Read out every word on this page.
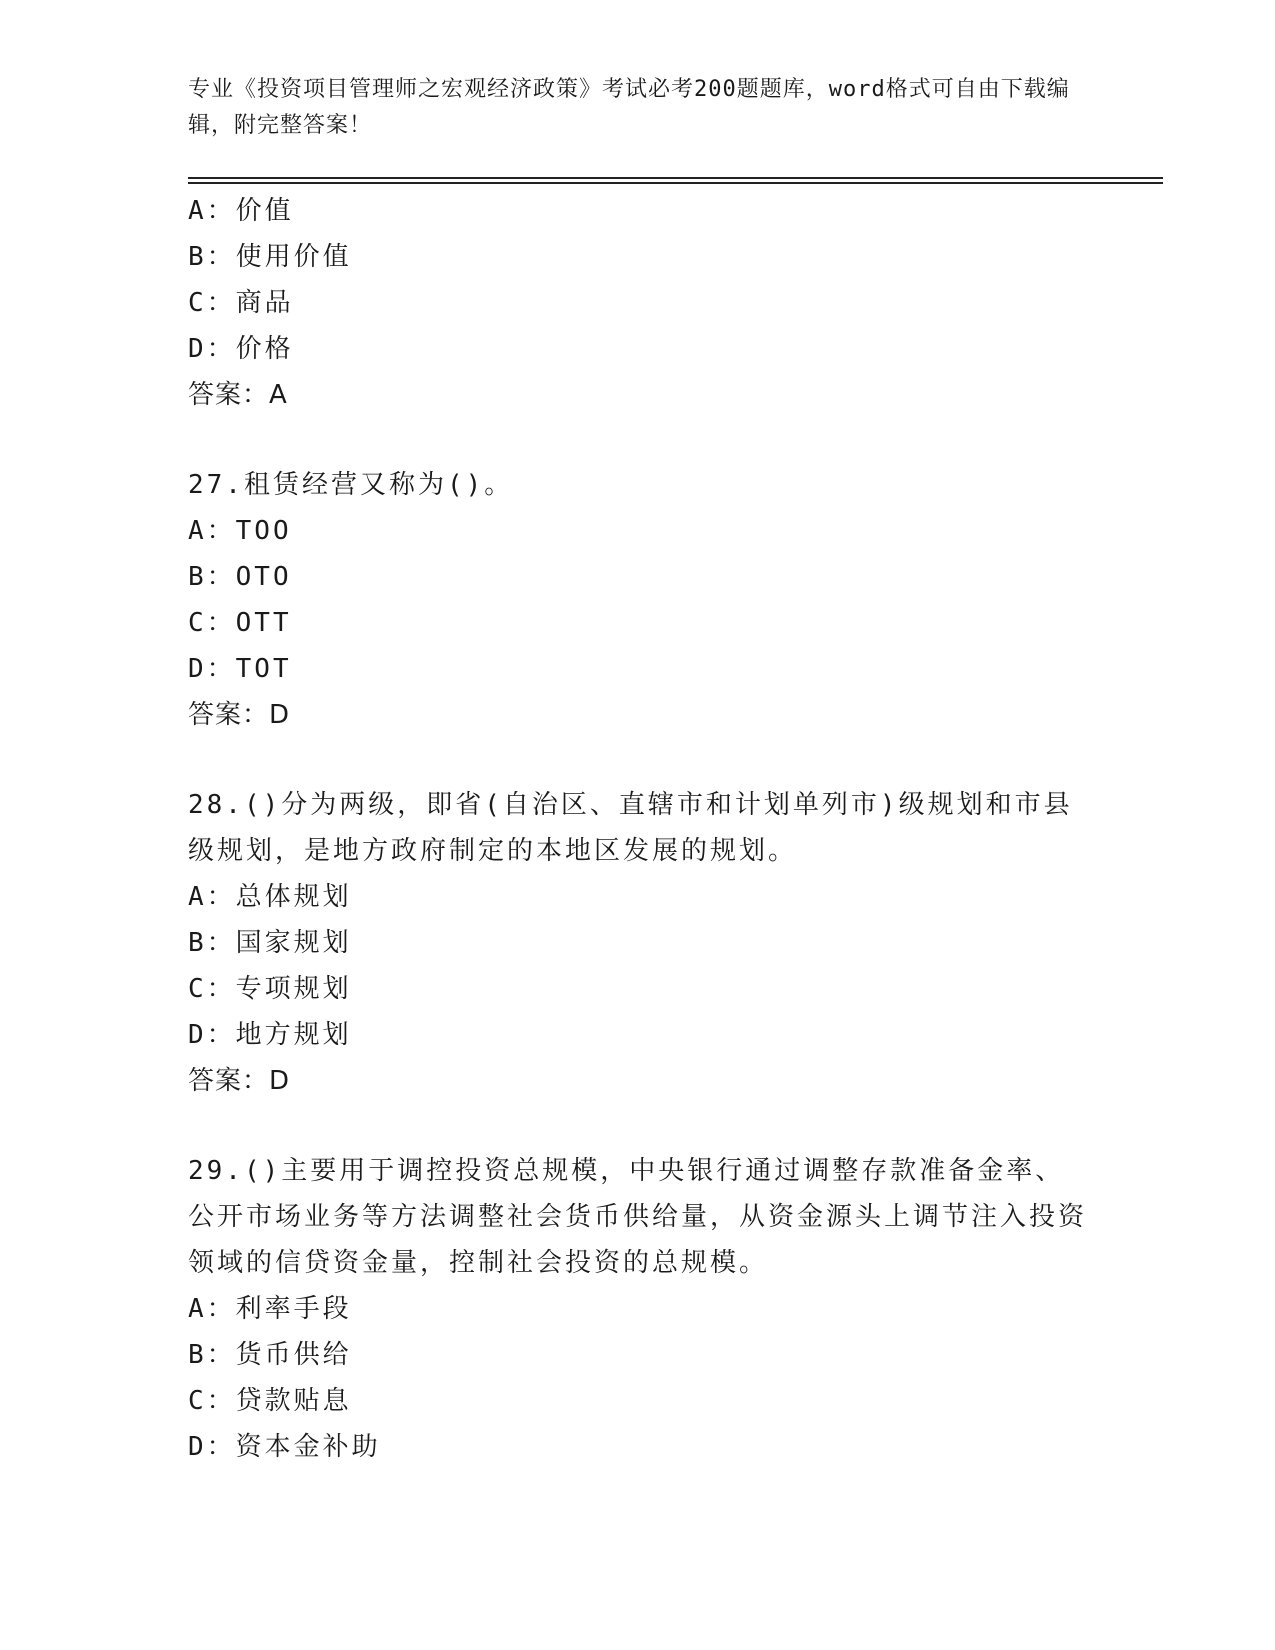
专业《投资项目管理师之宏观经济政策》考试必考200题题库，word格式可自由下载编辑，附完整答案！
A：价值
B：使用价值
C：商品
D：价格
答案：A
27.租赁经营又称为()。
A：TOO
B：OTO
C：OTT
D：TOT
答案：D
28.()分为两级，即省(自治区、直辖市和计划单列市)级规划和市县级规划，是地方政府制定的本地区发展的规划。
A：总体规划
B：国家规划
C：专项规划
D：地方规划
答案：D
29.()主要用于调控投资总规模，中央银行通过调整存款准备金率、公开市场业务等方法调整社会货币供给量，从资金源头上调节注入投资领域的信贷资金量，控制社会投资的总规模。
A：利率手段
B：货币供给
C：贷款贴息
D：资本金补助
